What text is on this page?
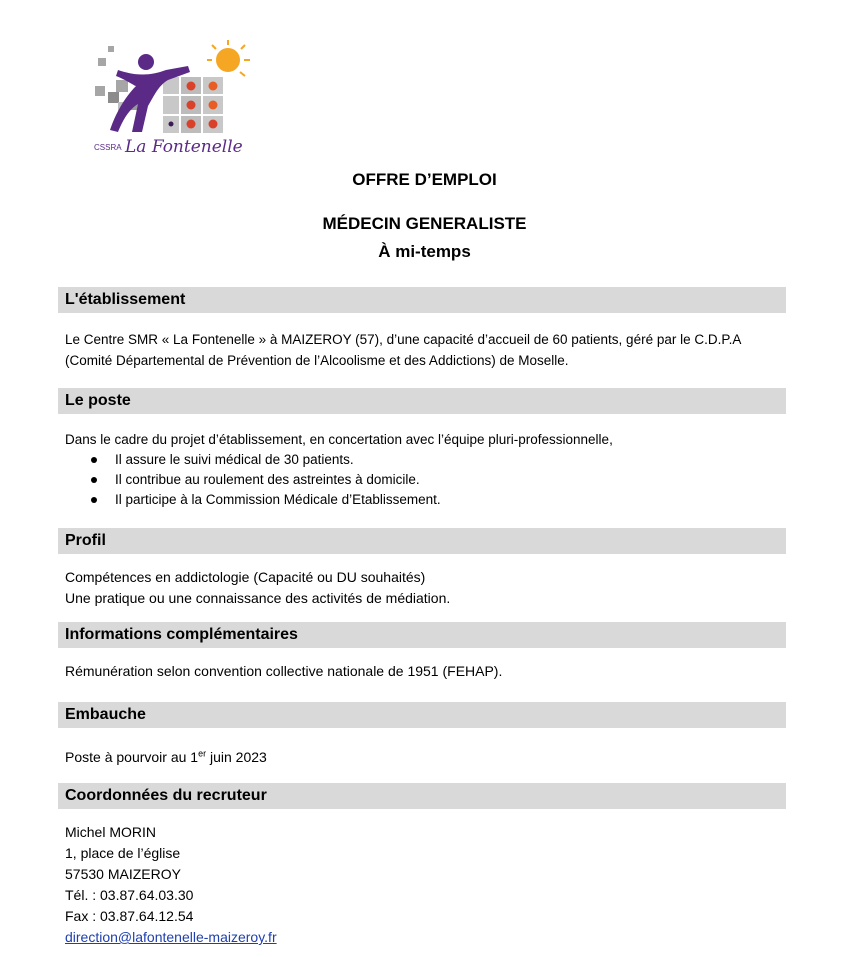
CSSRA La Fontenelle
OFFRE D’EMPLOI
MÉDECIN GENERALISTE
À mi-temps
L'établissement
Le Centre SMR « La Fontenelle » à MAIZEROY (57), d’une capacité d’accueil de 60 patients, géré par le C.D.P.A
(Comité Départemental de Prévention de l’Alcoolisme et des Addictions) de Moselle.
Le poste
Dans le cadre du projet d’établissement, en concertation avec l’équipe pluri-professionnelle,
Il assure le suivi médical de 30 patients.
Il contribue au roulement des astreintes à domicile.
Il participe à la Commission Médicale d’Etablissement.
Profil
Compétences en addictologie (Capacité ou DU souhaités)
Une pratique ou une connaissance des activités de médiation.
Informations complémentaires
Rémunération selon convention collective nationale de 1951 (FEHAP).
Embauche
Poste à pourvoir au 1er juin 2023
Coordonnées du recruteur
Michel MORIN
1, place de l’église
57530 MAIZEROY
Tél. : 03.87.64.03.30
Fax : 03.87.64.12.54
direction@lafontenelle-maizeroy.fr
